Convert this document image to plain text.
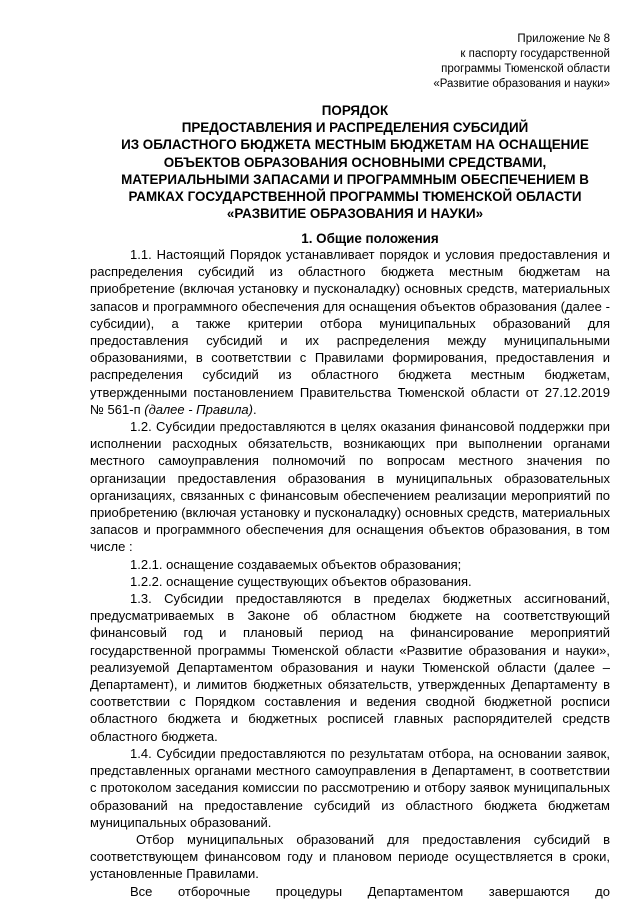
Приложение № 8
к паспорту государственной
программы Тюменской области
«Развитие образования и науки»
ПОРЯДОК
ПРЕДОСТАВЛЕНИЯ И РАСПРЕДЕЛЕНИЯ СУБСИДИЙ
ИЗ ОБЛАСТНОГО БЮДЖЕТА МЕСТНЫМ БЮДЖЕТАМ НА ОСНАЩЕНИЕ
ОБЪЕКТОВ ОБРАЗОВАНИЯ ОСНОВНЫМИ СРЕДСТВАМИ,
МАТЕРИАЛЬНЫМИ ЗАПАСАМИ И ПРОГРАММНЫМ ОБЕСПЕЧЕНИЕМ В
РАМКАХ ГОСУДАРСТВЕННОЙ ПРОГРАММЫ ТЮМЕНСКОЙ ОБЛАСТИ
«РАЗВИТИЕ ОБРАЗОВАНИЯ И НАУКИ»
1. Общие положения

1.1. Настоящий Порядок устанавливает порядок и условия предоставления и распределения субсидий из областного бюджета местным бюджетам на приобретение (включая установку и пусконаладку) основных средств, материальных запасов и программного обеспечения для оснащения объектов образования (далее - субсидии), а также критерии отбора муниципальных образований для предоставления субсидий и их распределения между муниципальными образованиями, в соответствии с Правилами формирования, предоставления и распределения субсидий из областного бюджета местным бюджетам, утвержденными постановлением Правительства Тюменской области от 27.12.2019 № 561-п (далее - Правила).

1.2. Субсидии предоставляются в целях оказания финансовой поддержки при исполнении расходных обязательств, возникающих при выполнении органами местного самоуправления полномочий по вопросам местного значения по организации предоставления образования в муниципальных образовательных организациях, связанных с финансовым обеспечением реализации мероприятий по приобретению (включая установку и пусконаладку) основных средств, материальных запасов и программного обеспечения для оснащения объектов образования, в том числе :

1.2.1. оснащение создаваемых объектов образования;

1.2.2. оснащение существующих объектов образования.

1.3. Субсидии предоставляются в пределах бюджетных ассигнований, предусматриваемых в Законе об областном бюджете на соответствующий финансовый год и плановый период на финансирование мероприятий государственной программы Тюменской области «Развитие образования и науки», реализуемой Департаментом образования и науки Тюменской области (далее – Департамент), и лимитов бюджетных обязательств, утвержденных Департаменту в соответствии с Порядком составления и ведения сводной бюджетной росписи областного бюджета и бюджетных росписей главных распорядителей средств областного бюджета.

1.4. Субсидии предоставляются по результатам отбора, на основании заявок, представленных органами местного самоуправления в Департамент, в соответствии с протоколом заседания комиссии по рассмотрению и отбору заявок муниципальных образований на предоставление субсидий из областного бюджета бюджетам муниципальных образований.

Отбор муниципальных образований для предоставления субсидий в соответствующем финансовом году и плановом периоде осуществляется в сроки, установленные Правилами.

Все отборочные процедуры Департаментом завершаются до
